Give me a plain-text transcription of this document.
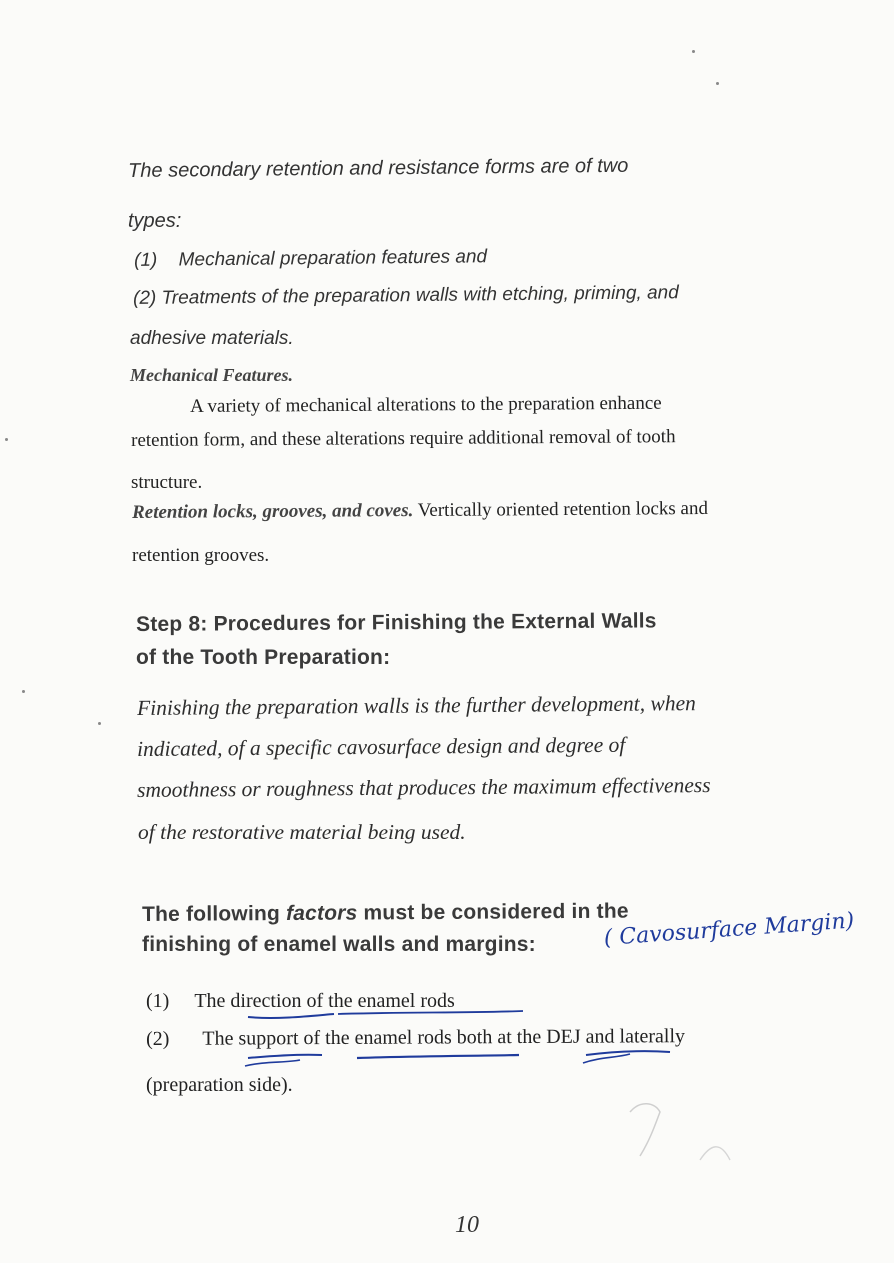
The secondary retention and resistance forms are of two
types:
(1) Mechanical preparation features and
(2) Treatments of the preparation walls with etching, priming, and
adhesive materials.
Mechanical Features.
A variety of mechanical alterations to the preparation enhance
retention form, and these alterations require additional removal of tooth
structure.
Retention locks, grooves, and coves. Vertically oriented retention locks and
retention grooves.
Step 8: Procedures for Finishing the External Walls
of the Tooth Preparation:
Finishing the preparation walls is the further development, when
indicated, of a specific cavosurface design and degree of
smoothness or roughness that produces the maximum effectiveness
of the restorative material being used.
The following factors must be considered in the
finishing of enamel walls and margins:	( Cavosurface Margin)
(1) The direction of the enamel rods
(2) The support of the enamel rods both at the DEJ and laterally
(preparation side).
10
